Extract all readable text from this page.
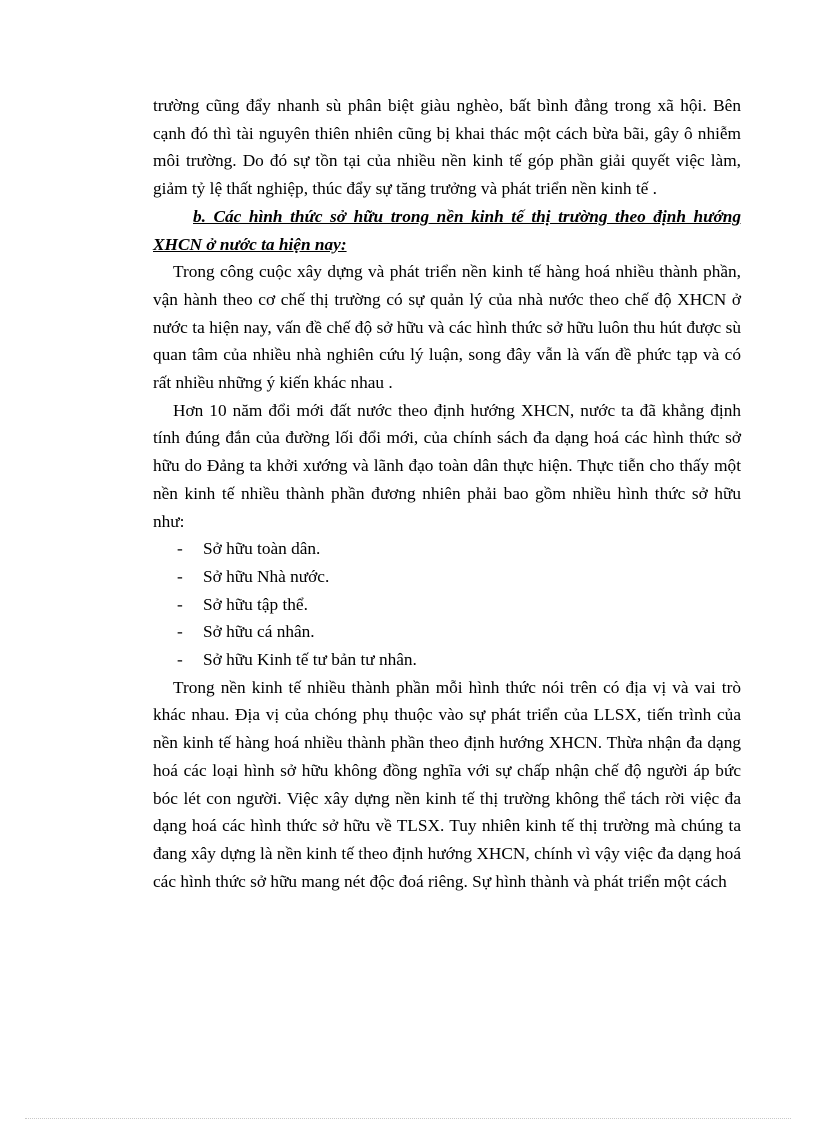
trường cũng đẩy nhanh sù phân biệt giàu nghèo, bất bình đẳng trong xã hội. Bên cạnh đó thì tài nguyên thiên nhiên cũng bị khai thác một cách bừa bãi, gây ô nhiễm môi trường. Do đó sự tồn tại của nhiều nền kinh tế góp phần giải quyết việc làm, giảm tỷ lệ thất nghiệp, thúc đẩy sự tăng trưởng và phát triển nền kinh tế .

b. Các hình thức sở hữu trong nền kinh tế thị trường theo định hướng XHCN ở nước ta hiện nay:

Trong công cuộc xây dựng và phát triển nền kinh tế hàng hoá nhiều thành phần, vận hành theo cơ chế thị trường có sự quản lý của nhà nước theo chế độ XHCN ở nước ta hiện nay, vấn đề chế độ sở hữu và các hình thức sở hữu luôn thu hút được sù quan tâm của nhiều nhà nghiên cứu lý luận, song đây vẫn là vấn đề phức tạp và có rất nhiều những ý kiến khác nhau .

Hơn 10 năm đổi mới đất nước theo định hướng XHCN, nước ta đã khẳng định tính đúng đắn của đường lối đổi mới, của chính sách đa dạng hoá các hình thức sở hữu do Đảng ta khởi xướng và lãnh đạo toàn dân thực hiện. Thực tiễn cho thấy một nền kinh tế nhiều thành phần đương nhiên phải bao gồm nhiều hình thức sở hữu như:

- Sở hữu toàn dân.
- Sở hữu Nhà nước.
- Sở hữu tập thể.
- Sở hữu cá nhân.
- Sở hữu Kinh tế tư bản tư nhân.

Trong nền kinh tế nhiều thành phần mỗi hình thức nói trên có địa vị và vai trò khác nhau. Địa vị của chóng phụ thuộc vào sự phát triển của LLSX, tiến trình của nền kinh tế hàng hoá nhiều thành phần theo định hướng XHCN. Thừa nhận đa dạng hoá các loại hình sở hữu không đồng nghĩa với sự chấp nhận chế độ người áp bức bóc lét con người. Việc xây dựng nền kinh tế thị trường không thể tách rời việc đa dạng hoá các hình thức sở hữu về TLSX. Tuy nhiên kinh tế thị trường mà chúng ta đang xây dựng là nền kinh tế theo định hướng XHCN, chính vì vậy việc đa dạng hoá các hình thức sở hữu mang nét độc đoá riêng. Sự hình thành và phát triển một cách
